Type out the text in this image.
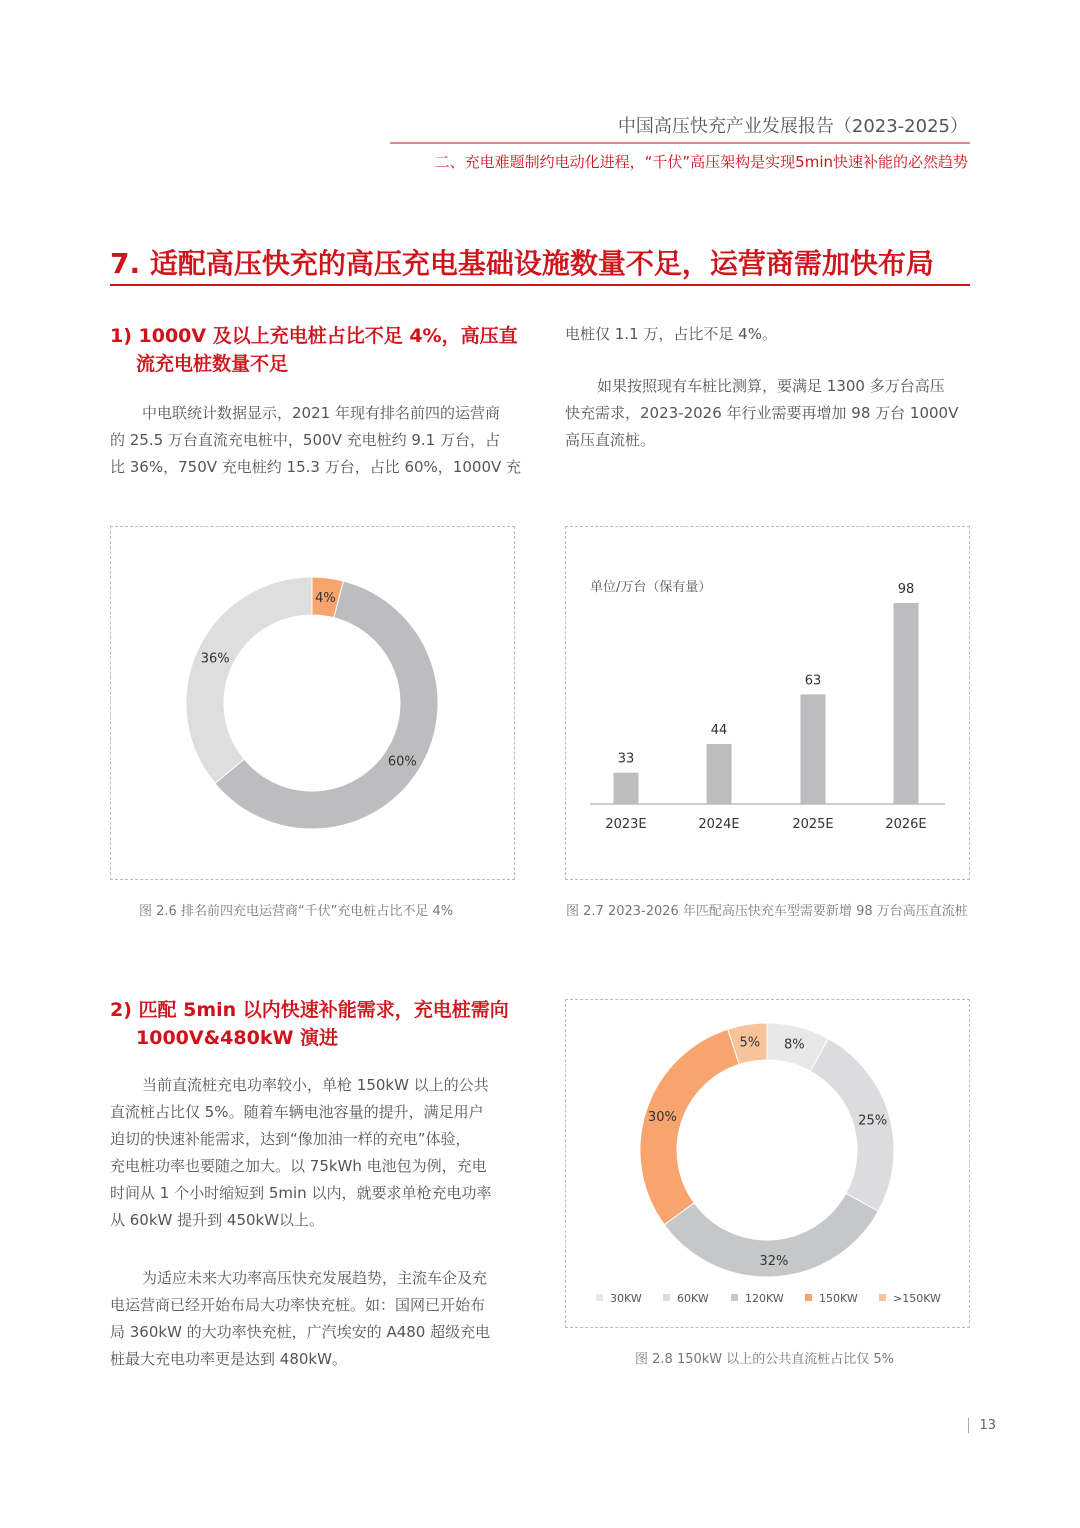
中国高压快充产业发展报告（2023-2025）
二、充电难题制约电动化进程，“千伏”高压架构是实现5min快速补能的必然趋势
7. 适配高压快充的高压充电基础设施数量不足，运营商需加快布局
1) 1000V 及以上充电桩占比不足 4%，高压直
流充电桩数量不足
中电联统计数据显示，2021 年现有排名前四的运营商
的 25.5 万台直流充电桩中，500V 充电桩约 9.1 万台，占
比 36%，750V 充电桩约 15.3 万台，占比 60%，1000V 充
电桩仅 1.1 万，占比不足 4%。
如果按照现有车桩比测算，要满足 1300 多万台高压
快充需求，2023-2026 年行业需要再增加 98 万台 1000V
高压直流桩。
4%
60%
36%
8%
25%
32%
30%
5%
33
2023E
44
2024E
63
2025E
98
2026E
30KW	60KW	120KW	150KW	>150KW
图 2.6 排名前四充电运营商“千伏”充电桩占比不足 4%	图 2.7 2023-2026 年匹配高压快充车型需要新增 98 万台高压直流桩
图 2.8 150kW 以上的公共直流桩占比仅 5%
单位/万台（保有量）
2) 匹配 5min 以内快速补能需求，充电桩需向
1000V&480kW 演进
当前直流桩充电功率较小，单枪 150kW 以上的公共
直流桩占比仅 5%。随着车辆电池容量的提升，满足用户
迫切的快速补能需求，达到“像加油一样的充电”体验，
充电桩功率也要随之加大。以 75kWh 电池包为例，充电
时间从 1 个小时缩短到 5min 以内，就要求单枪充电功率
从 60kW 提升到 450kW以上。
为适应未来大功率高压快充发展趋势，主流车企及充
电运营商已经开始布局大功率快充桩。如：国网已开始布
局 360kW 的大功率快充桩，广汽埃安的 A480 超级充电
桩最大充电功率更是达到 480kW。
13
